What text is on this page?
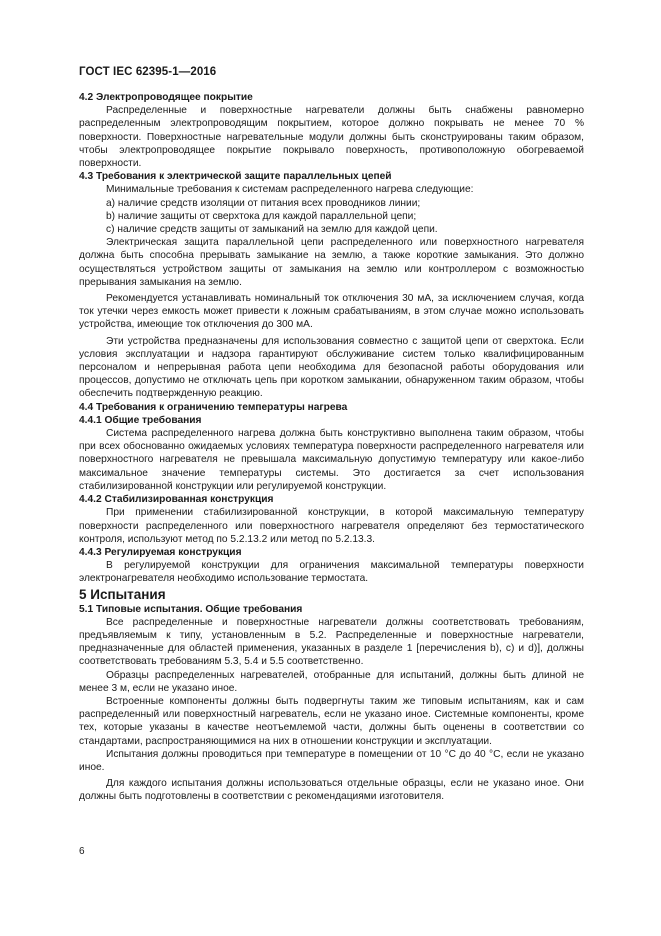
ГОСТ IEC 62395-1—2016

4.2 Электропроводящее покрытие

Распределенные и поверхностные нагреватели должны быть снабжены равномерно распределенным электропроводящим покрытием, которое должно покрывать не менее 70 % поверхности. Поверхностные нагревательные модули должны быть сконструированы таким образом, чтобы электропроводящее покрытие покрывало поверхность, противоположную обогреваемой поверхности.

4.3 Требования к электрической защите параллельных цепей

Минимальные требования к системам распределенного нагрева следующие:

a) наличие средств изоляции от питания всех проводников линии;

b) наличие защиты от сверхтока для каждой параллельной цепи;

c) наличие средств защиты от замыканий на землю для каждой цепи.

Электрическая защита параллельной цепи распределенного или поверхностного нагревателя должна быть способна прерывать замыкание на землю, а также короткие замыкания. Это должно осуществляться устройством защиты от замыкания на землю или контроллером с возможностью прерывания замыкания на землю.

Рекомендуется устанавливать номинальный ток отключения 30 мА, за исключением случая, когда ток утечки через емкость может привести к ложным срабатываниям, в этом случае можно использовать устройства, имеющие ток отключения до 300 мА.

Эти устройства предназначены для использования совместно с защитой цепи от сверхтока. Если условия эксплуатации и надзора гарантируют обслуживание систем только квалифицированным персоналом и непрерывная работа цепи необходима для безопасной работы оборудования или процессов, допустимо не отключать цепь при коротком замыкании, обнаруженном таким образом, чтобы обеспечить подтвержденную реакцию.

4.4 Требования к ограничению температуры нагрева

4.4.1 Общие требования

Система распределенного нагрева должна быть конструктивно выполнена таким образом, чтобы при всех обоснованно ожидаемых условиях температура поверхности распределенного нагревателя или поверхностного нагревателя не превышала максимальную допустимую температуру или какое-либо максимальное значение температуры системы. Это достигается за счет использования стабилизированной конструкции или регулируемой конструкции.

4.4.2 Стабилизированная конструкция

При применении стабилизированной конструкции, в которой максимальную температуру поверхности распределенного или поверхностного нагревателя определяют без термостатического контроля, используют метод по 5.2.13.2 или метод по 5.2.13.3.

4.4.3 Регулируемая конструкция

В регулируемой конструкции для ограничения максимальной температуры поверхности электронагревателя необходимо использование термостата.

5 Испытания

5.1 Типовые испытания. Общие требования

Все распределенные и поверхностные нагреватели должны соответствовать требованиям, предъявляемым к типу, установленным в 5.2. Распределенные и поверхностные нагреватели, предназначенные для областей применения, указанных в разделе 1 [перечисления b), c) и d)], должны соответствовать требованиям 5.3, 5.4 и 5.5 соответственно.

Образцы распределенных нагревателей, отобранные для испытаний, должны быть длиной не менее 3 м, если не указано иное.

Встроенные компоненты должны быть подвергнуты таким же типовым испытаниям, как и сам распределенный или поверхностный нагреватель, если не указано иное. Системные компоненты, кроме тех, которые указаны в качестве неотъемлемой части, должны быть оценены в соответствии со стандартами, распространяющимися на них в отношении конструкции и эксплуатации.

Испытания должны проводиться при температуре в помещении от 10 °С до 40 °С, если не указано иное.

Для каждого испытания должны использоваться отдельные образцы, если не указано иное. Они должны быть подготовлены в соответствии с рекомендациями изготовителя.

6
